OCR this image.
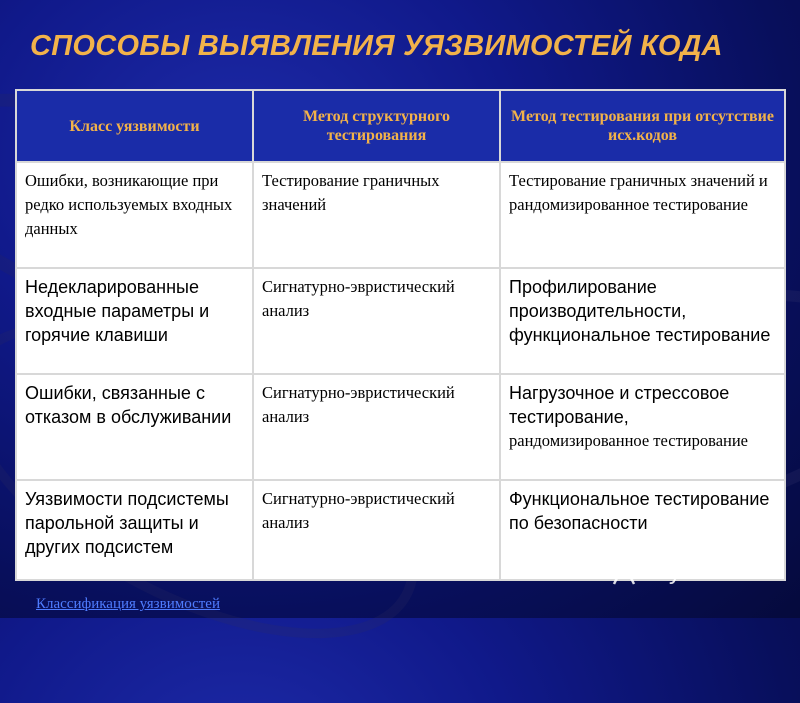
СПОСОБЫ ВЫЯВЛЕНИЯ УЯЗВИМОСТЕЙ КОДА
Класс уязвимости	Метод структурного тестирования	Метод тестирования при отсутствие исх.кодов
Ошибки, возникающие при редко используемых входных данных	Тестирование граничных значений	Тестирование граничных значений и рандомизированное тестирование
Недекларированные входные параметры и горячие клавиши	Сигнатурно-эвристический анализ	Профилирование производительности, функциональное тестирование
Ошибки, связанные с отказом в обслуживании	Сигнатурно-эвристический анализ	Нагрузочное и стрессовое тестирование,
рандомизированное тестирование

Уязвимости подсистемы парольной защиты и других подсистем	Сигнатурно-эвристический анализ	Функциональное тестирование по безопасности
Классификация уязвимостей
MyShared
